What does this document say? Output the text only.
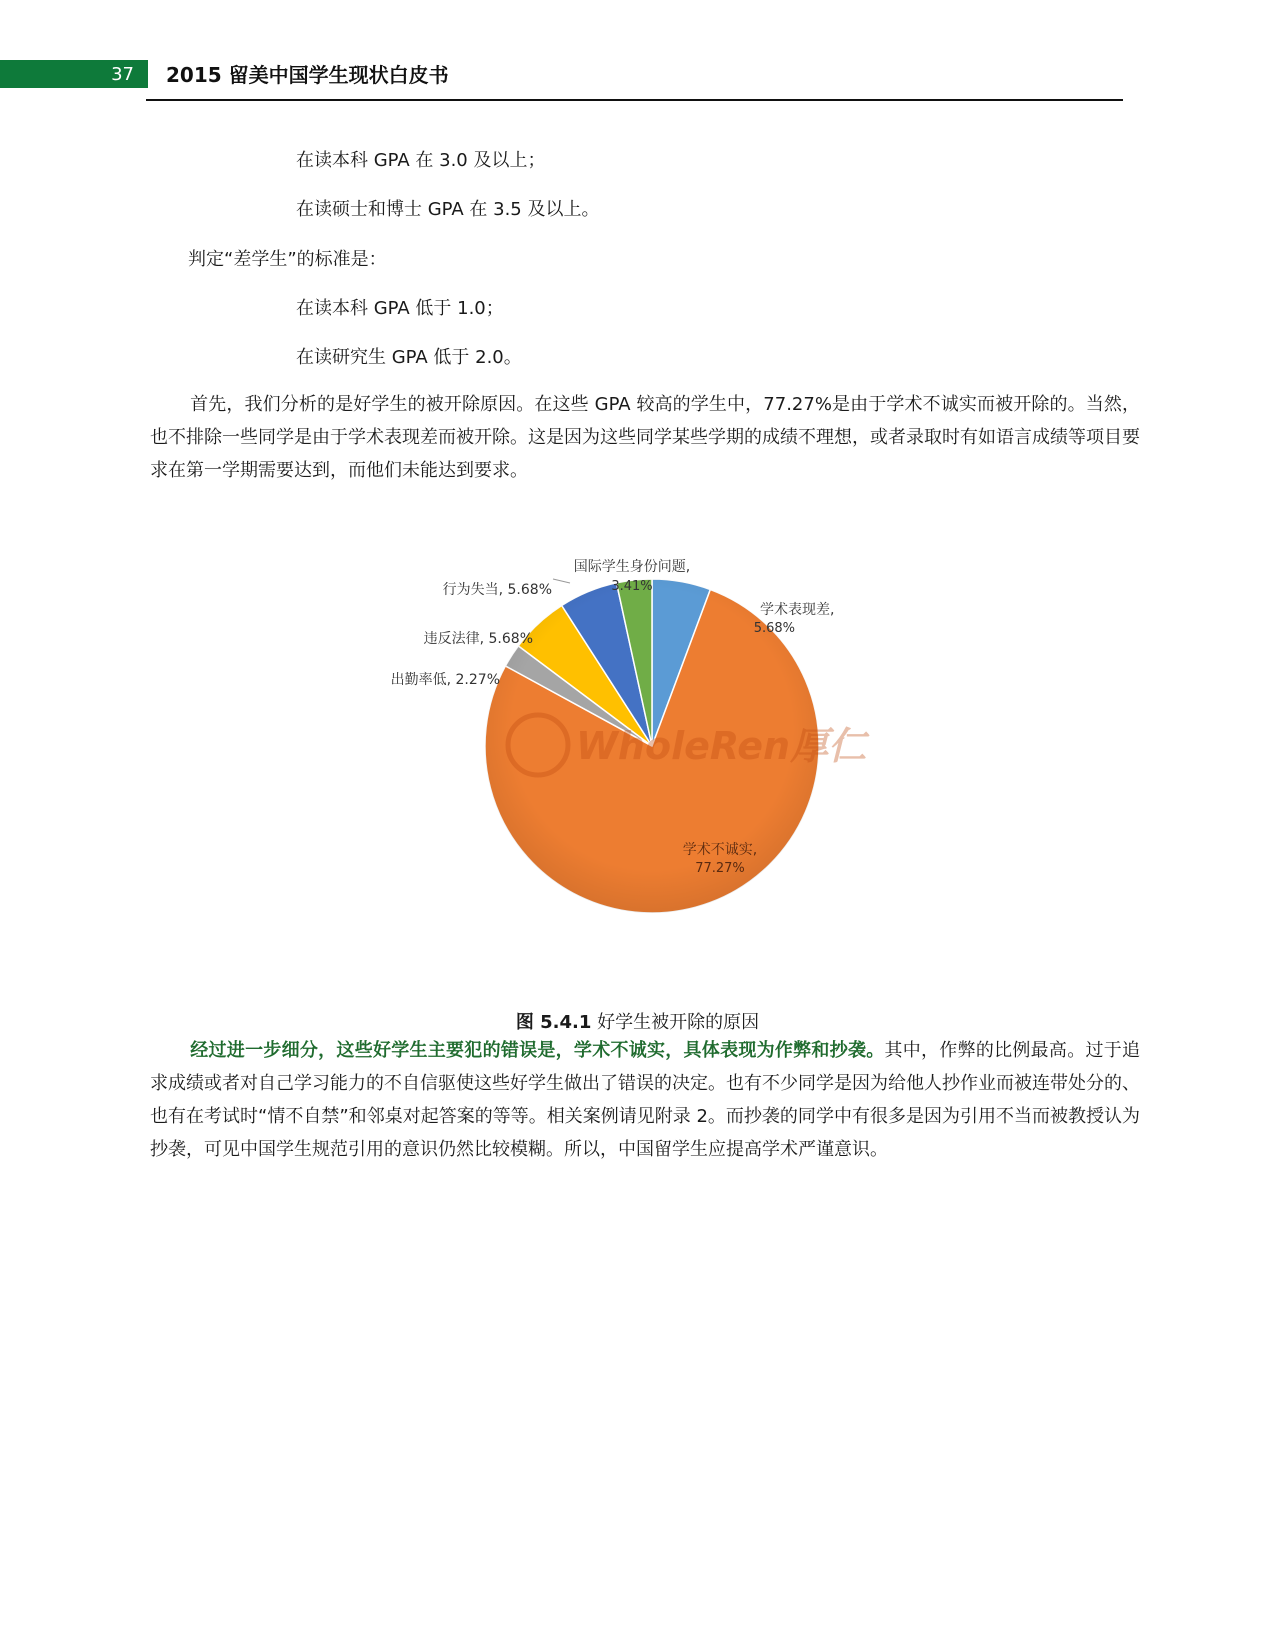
37 2015 留美中国学生现状白皮书
在读本科 GPA 在 3.0 及以上；
在读硕士和博士 GPA 在 3.5 及以上。
判定“差学生”的标准是：
在读本科 GPA 低于 1.0；
在读研究生 GPA 低于 2.0。

首先，我们分析的是好学生的被开除原因。在这些 GPA 较高的学生中，77.27%是由于学术不诚实而被开除的。当然，也不排除一些同学是由于学术表现差而被开除。这是因为这些同学某些学期的成绩不理想，或者录取时有如语言成绩等项目要求在第一学期需要达到，而他们未能达到要求。

WholeRen厚仁
学术表现差,
5.68%
学术不诚实,
77.27%
出勤率低, 2.27%
违反法律, 5.68%
行为失当, 5.68%
国际学生身份问题,
3.41%
图 5.4.1 好学生被开除的原因

经过进一步细分，这些好学生主要犯的错误是，学术不诚实，具体表现为作弊和抄袭。其中，作弊的比例最高。过于追求成绩或者对自己学习能力的不自信驱使这些好学生做出了错误的决定。也有不少同学是因为给他人抄作业而被连带处分的、也有在考试时“情不自禁”和邻桌对起答案的等等。相关案例请见附录 2。而抄袭的同学中有很多是因为引用不当而被教授认为抄袭，可见中国学生规范引用的意识仍然比较模糊。所以，中国留学生应提高学术严谨意识。
